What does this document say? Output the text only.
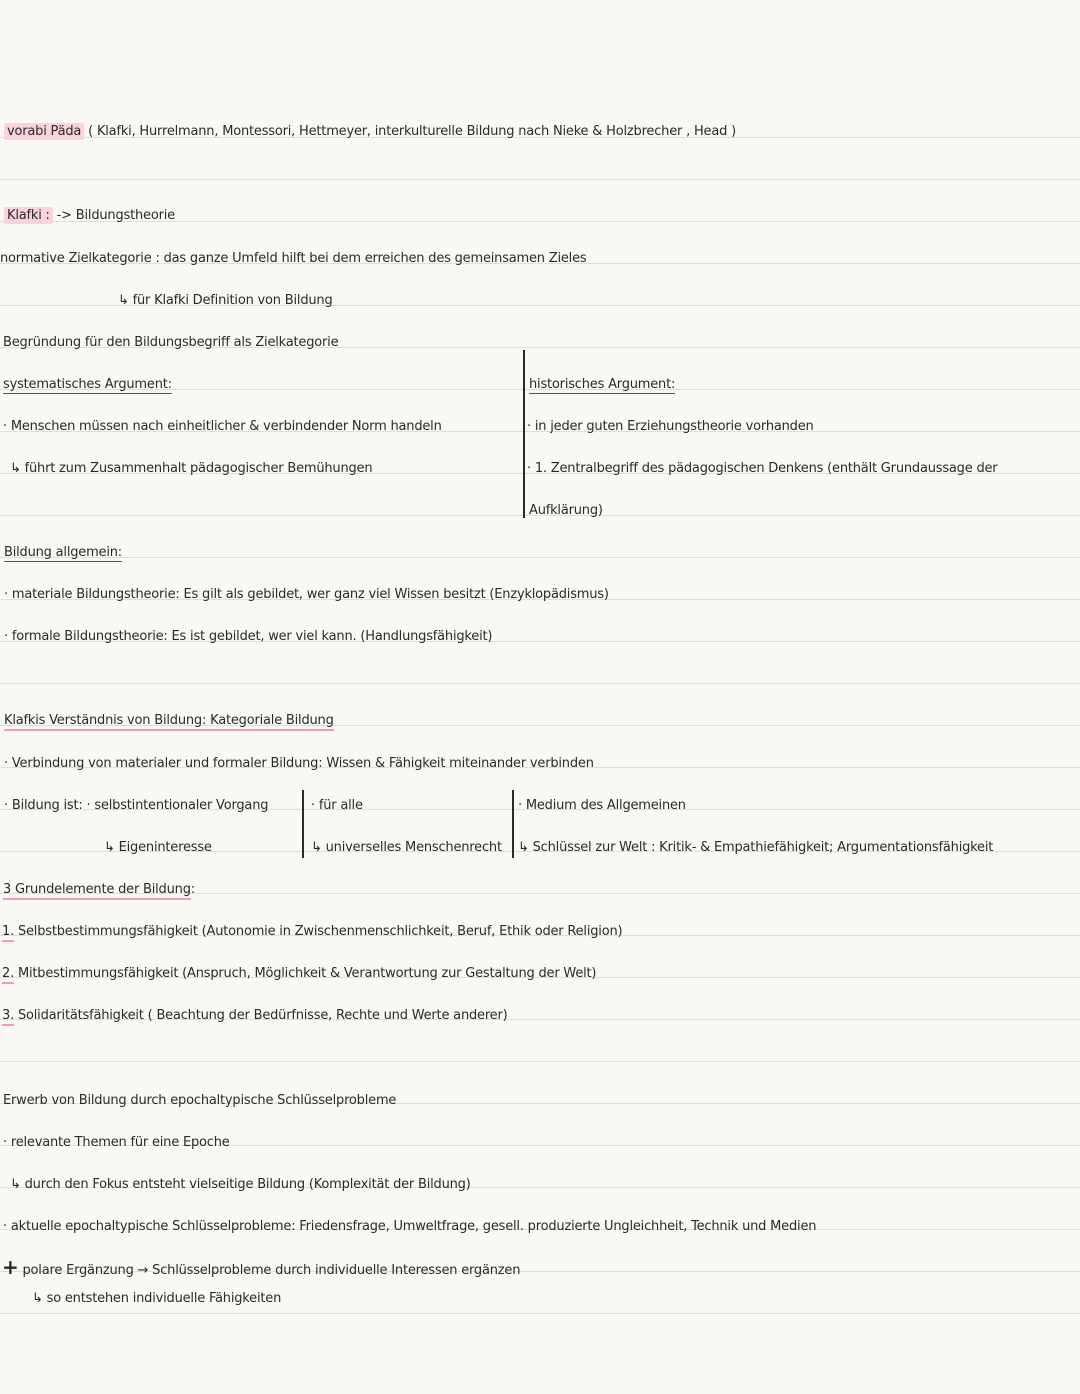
vorabi Päda ( Klafki, Hurrelmann, Montessori, Hettmeyer, interkulturelle Bildung nach Nieke & Holzbrecher , Head )
Klafki : -> Bildungstheorie
normative Zielkategorie : das ganze Umfeld hilft bei dem erreichen des gemeinsamen Zieles
↳ für Klafki Definition von Bildung
Begründung für den Bildungsbegriff als Zielkategorie
systematisches Argument:
· Menschen müssen nach einheitlicher & verbindender Norm handeln
↳ führt zum Zusammenhalt pädagogischer Bemühungen
historisches Argument:
· in jeder guten Erziehungstheorie vorhanden
· 1. Zentralbegriff des pädagogischen Denkens (enthält Grundaussage der
Aufklärung)
Bildung allgemein:
· materiale Bildungstheorie: Es gilt als gebildet, wer ganz viel Wissen besitzt (Enzyklopädismus)
· formale Bildungstheorie: Es ist gebildet, wer viel kann. (Handlungsfähigkeit)
Klafkis Verständnis von Bildung: Kategoriale Bildung
· Verbindung von materialer und formaler Bildung: Wissen & Fähigkeit miteinander verbinden
· Bildung ist: · selbstintentionaler Vorgang
↳ Eigeninteresse
· für alle
↳ universelles Menschenrecht
· Medium des Allgemeinen
↳ Schlüssel zur Welt : Kritik- & Empathiefähigkeit; Argumentationsfähigkeit
3 Grundelemente der Bildung:
1. Selbstbestimmungsfähigkeit (Autonomie in Zwischenmenschlichkeit, Beruf, Ethik oder Religion)
2. Mitbestimmungsfähigkeit (Anspruch, Möglichkeit & Verantwortung zur Gestaltung der Welt)
3. Solidaritätsfähigkeit ( Beachtung der Bedürfnisse, Rechte und Werte anderer)
Erwerb von Bildung durch epochaltypische Schlüsselprobleme
· relevante Themen für eine Epoche
↳ durch den Fokus entsteht vielseitige Bildung (Komplexität der Bildung)
· aktuelle epochaltypische Schlüsselprobleme: Friedensfrage, Umweltfrage, gesell. produzierte Ungleichheit, Technik und Medien
+ polare Ergänzung → Schlüsselprobleme durch individuelle Interessen ergänzen
↳ so entstehen individuelle Fähigkeiten
